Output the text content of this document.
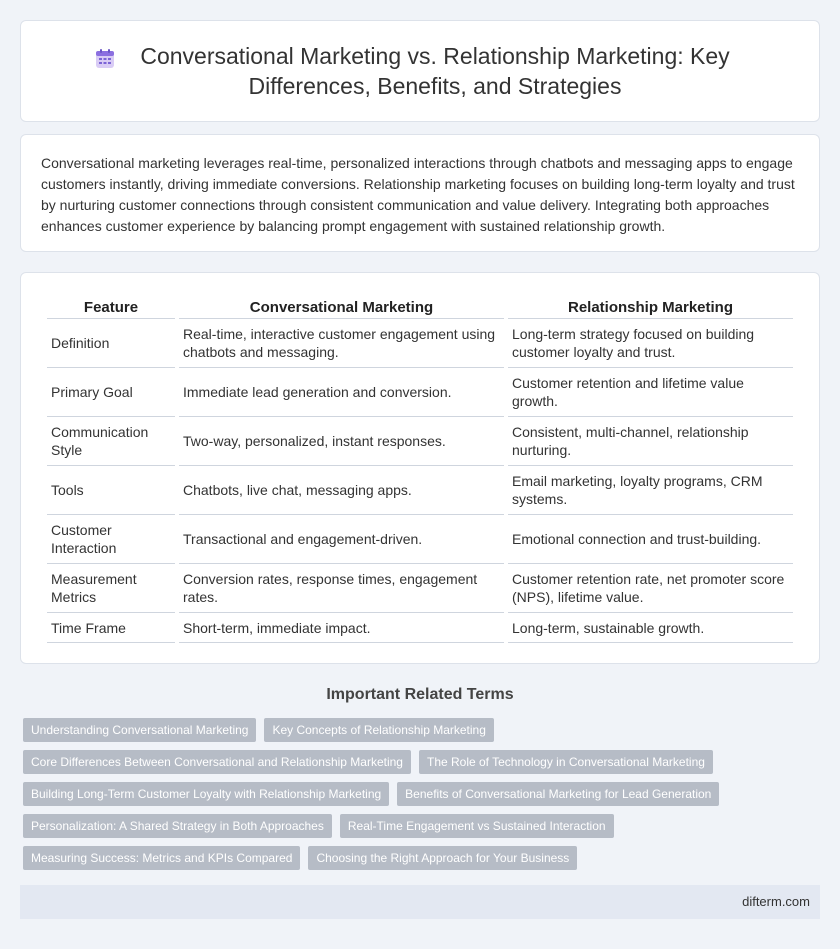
Conversational Marketing vs. Relationship Marketing: Key Differences, Benefits, and Strategies

Conversational marketing leverages real-time, personalized interactions through chatbots and messaging apps to engage customers instantly, driving immediate conversions. Relationship marketing focuses on building long-term loyalty and trust by nurturing customer connections through consistent communication and value delivery. Integrating both approaches enhances customer experience by balancing prompt engagement with sustained relationship growth.

Feature	Conversational Marketing	Relationship Marketing
Definition	Real-time, interactive customer engagement using chatbots and messaging.	Long-term strategy focused on building customer loyalty and trust.
Primary Goal	Immediate lead generation and conversion.	Customer retention and lifetime value growth.
Communication Style	Two-way, personalized, instant responses.	Consistent, multi-channel, relationship nurturing.
Tools	Chatbots, live chat, messaging apps.	Email marketing, loyalty programs, CRM systems.
Customer Interaction	Transactional and engagement-driven.	Emotional connection and trust-building.
Measurement Metrics	Conversion rates, response times, engagement rates.	Customer retention rate, net promoter score (NPS), lifetime value.
Time Frame	Short-term, immediate impact.	Long-term, sustainable growth.
Important Related Terms
Understanding Conversational Marketing	Key Concepts of Relationship Marketing
Core Differences Between Conversational and Relationship Marketing	The Role of Technology in Conversational Marketing
Building Long-Term Customer Loyalty with Relationship Marketing	Benefits of Conversational Marketing for Lead Generation
Personalization: A Shared Strategy in Both Approaches	Real-Time Engagement vs Sustained Interaction
Measuring Success: Metrics and KPIs Compared	Choosing the Right Approach for Your Business
difterm.com
